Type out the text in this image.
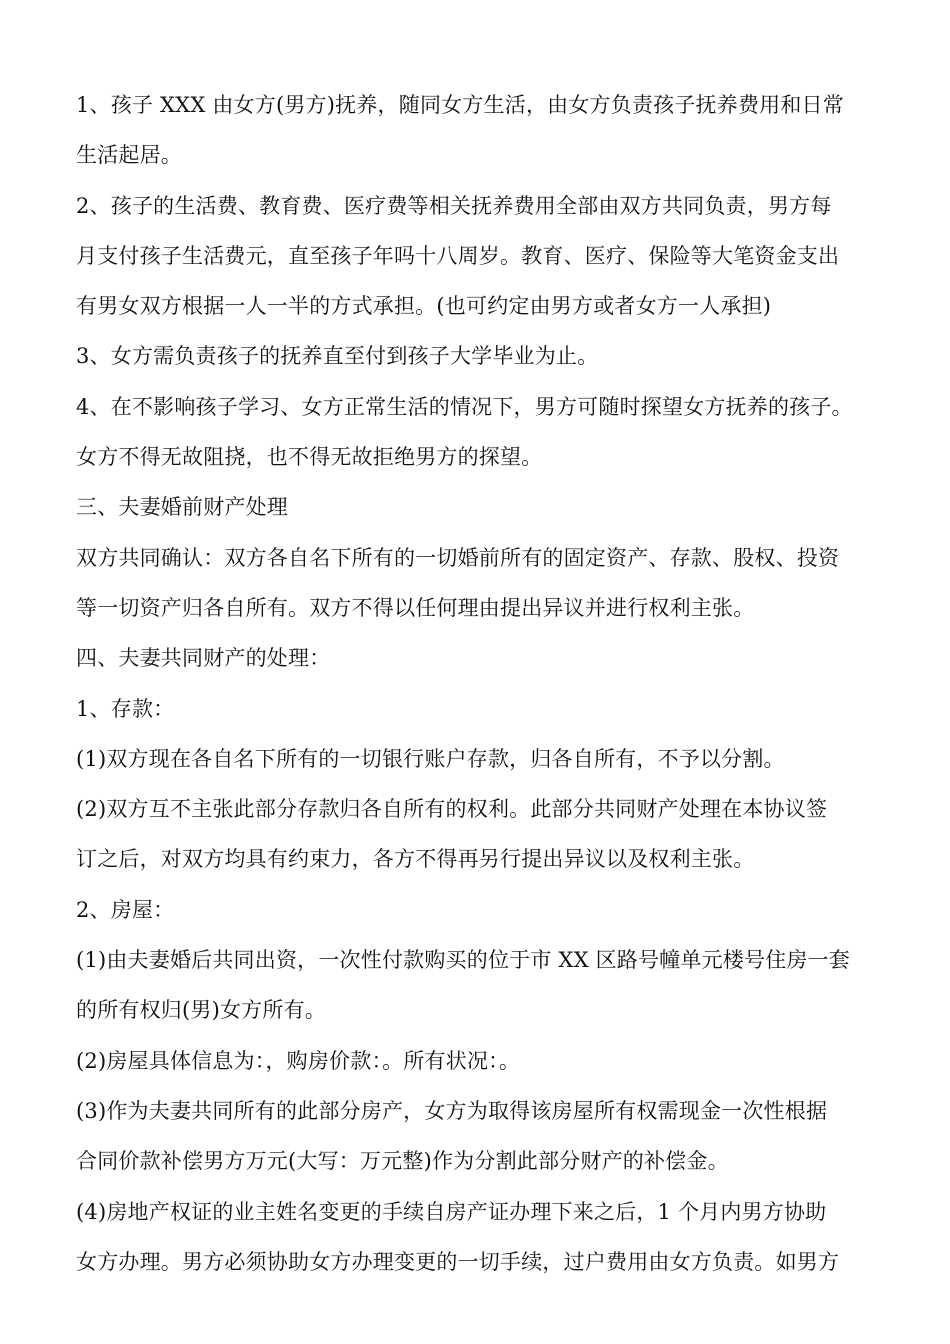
1、孩子 XXX 由女方(男方)抚养，随同女方生活，由女方负责孩子抚养费用和日常
生活起居。
2、孩子的生活费、教育费、医疗费等相关抚养费用全部由双方共同负责，男方每
月支付孩子生活费元，直至孩子年吗十八周岁。教育、医疗、保险等大笔资金支出
有男女双方根据一人一半的方式承担。(也可约定由男方或者女方一人承担)
3、女方需负责孩子的抚养直至付到孩子大学毕业为止。
4、在不影响孩子学习、女方正常生活的情况下，男方可随时探望女方抚养的孩子。
女方不得无故阻挠，也不得无故拒绝男方的探望。
三、夫妻婚前财产处理
双方共同确认：双方各自名下所有的一切婚前所有的固定资产、存款、股权、投资
等一切资产归各自所有。双方不得以任何理由提出异议并进行权利主张。
四、夫妻共同财产的处理：
1、存款：
(1)双方现在各自名下所有的一切银行账户存款，归各自所有，不予以分割。
(2)双方互不主张此部分存款归各自所有的权利。此部分共同财产处理在本协议签
订之后，对双方均具有约束力，各方不得再另行提出异议以及权利主张。
2、房屋：
(1)由夫妻婚后共同出资，一次性付款购买的位于市 XX 区路号幢单元楼号住房一套
的所有权归(男)女方所有。
(2)房屋具体信息为：，购房价款：。所有状况：。
(3)作为夫妻共同所有的此部分房产，女方为取得该房屋所有权需现金一次性根据
合同价款补偿男方万元(大写：万元整)作为分割此部分财产的补偿金。
(4)房地产权证的业主姓名变更的手续自房产证办理下来之后，1 个月内男方协助
女方办理。男方必须协助女方办理变更的一切手续，过户费用由女方负责。如男方
